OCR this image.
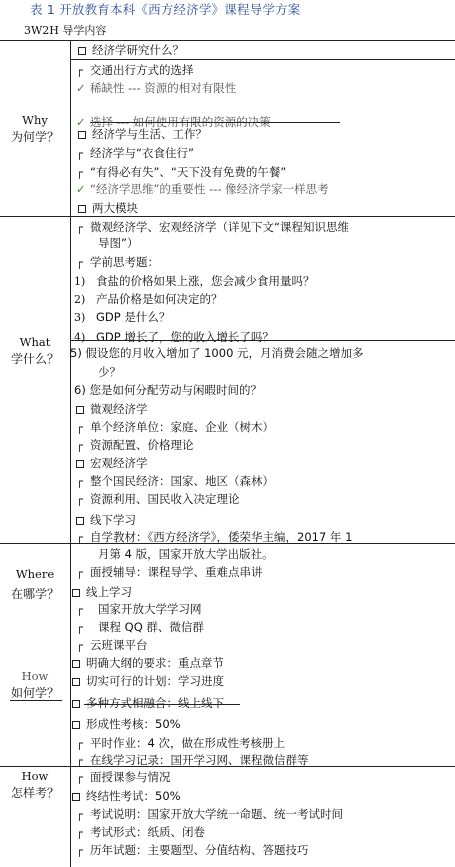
表 1 开放教育本科《西方经济学》课程导学方案
3W2H 导学内容
Why
为何学？
What
学什么？
Where
在哪学？
How
如何学？
How
怎样考？
经济学研究什么？
┌ 交通出行方式的选择
✓ 稀缺性 --- 资源的相对有限性
✓ 选择 --- 如何使用有限的资源的决策
经济学与生活、工作？
┌ 经济学与“衣食住行”
┌ “有得必有失”、“天下没有免费的午餐”
✓ “经济学思维”的重要性 --- 像经济学家一样思考
两大模块
┌ 微观经济学、宏观经济学（详见下文“课程知识思维
导图”）
┌ 学前思考题：
1) 食盐的价格如果上涨，您会减少食用量吗？
2) 产品价格是如何决定的？
3) GDP 是什么？
4) GDP 增长了，您的收入增长了吗？
5) 假设您的月收入增加了 1000 元，月消费会随之增加多
少？
6) 您是如何分配劳动与闲暇时间的？
微观经济学
┌ 单个经济单位：家庭、企业（树木）
┌ 资源配置、价格理论
宏观经济学
┌ 整个国民经济：国家、地区（森林）
┌ 资源利用、国民收入决定理论
线下学习
┌ 自学教材：《西方经济学》，倭荣华主编，2017 年 1
月第 4 版，国家开放大学出版社。
┌ 面授辅导：课程导学、重难点串讲
线上学习
┌ 国家开放大学学习网
┌ 课程 QQ 群、微信群
┌ 云班课平台
明确大纲的要求：重点章节
切实可行的计划：学习进度
多种方式相融合：线上线下
形成性考核：50%
┌ 平时作业：4 次，做在形成性考核册上
┌ 在线学习记录：国开学习网、课程微信群等
┌ 面授课参与情况
终结性考试：50%
┌ 考试说明：国家开放大学统一命题、统一考试时间
┌ 考试形式：纸质、闭卷
┌ 历年试题：主要题型、分值结构、答题技巧
